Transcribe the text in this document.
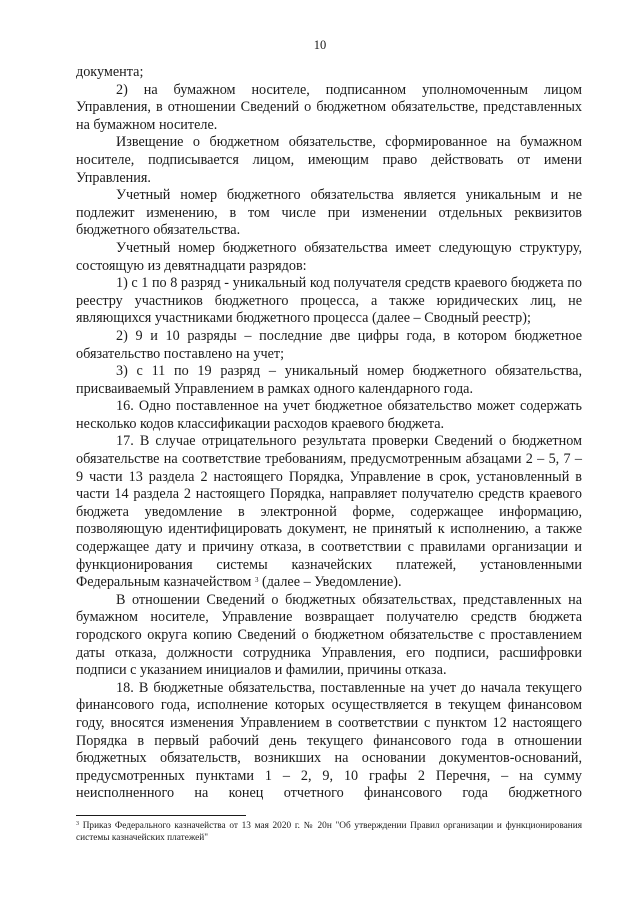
10

документа;

2) на бумажном носителе, подписанном уполномоченным лицом Управления, в отношении Сведений о бюджетном обязательстве, представленных на бумажном носителе.

Извещение о бюджетном обязательстве, сформированное на бумажном носителе, подписывается лицом, имеющим право действовать от имени Управления.

Учетный номер бюджетного обязательства является уникальным и не подлежит изменению, в том числе при изменении отдельных реквизитов бюджетного обязательства.

Учетный номер бюджетного обязательства имеет следующую структуру, состоящую из девятнадцати разрядов:

1) с 1 по 8 разряд - уникальный код получателя средств краевого бюджета по реестру участников бюджетного процесса, а также юридических лиц, не являющихся участниками бюджетного процесса (далее – Сводный реестр);

2) 9 и 10 разряды – последние две цифры года, в котором бюджетное обязательство поставлено на учет;

3) с 11 по 19 разряд – уникальный номер бюджетного обязательства, присваиваемый Управлением в рамках одного календарного года.

16. Одно поставленное на учет бюджетное обязательство может содержать несколько кодов классификации расходов краевого бюджета.

17. В случае отрицательного результата проверки Сведений о бюджетном обязательстве на соответствие требованиям, предусмотренным абзацами 2 – 5, 7 – 9 части 13 раздела 2 настоящего Порядка, Управление в срок, установленный в части 14 раздела 2 настоящего Порядка, направляет получателю средств краевого бюджета уведомление в электронной форме, содержащее информацию, позволяющую идентифицировать документ, не принятый к исполнению, а также содержащее дату и причину отказа, в соответствии с правилами организации и функционирования системы казначейских платежей, установленными Федеральным казначейством $^3$ (далее – Уведомление).

В отношении Сведений о бюджетных обязательствах, представленных на бумажном носителе, Управление возвращает получателю средств бюджета городского округа копию Сведений о бюджетном обязательстве с проставлением даты отказа, должности сотрудника Управления, его подписи, расшифровки подписи с указанием инициалов и фамилии, причины отказа.

18. В бюджетные обязательства, поставленные на учет до начала текущего финансового года, исполнение которых осуществляется в текущем финансовом году, вносятся изменения Управлением в соответствии с пунктом 12 настоящего Порядка в первый рабочий день текущего финансового года в отношении бюджетных обязательств, возникших на основании документов-оснований, предусмотренных пунктами 1 – 2, 9, 10 графы 2 Перечня, – на сумму неисполненного на конец отчетного финансового года бюджетного

$^3$ Приказ Федерального казначейства от 13 мая 2020 г. № 20н "Об утверждении Правил организации и функционирования системы казначейских платежей"
